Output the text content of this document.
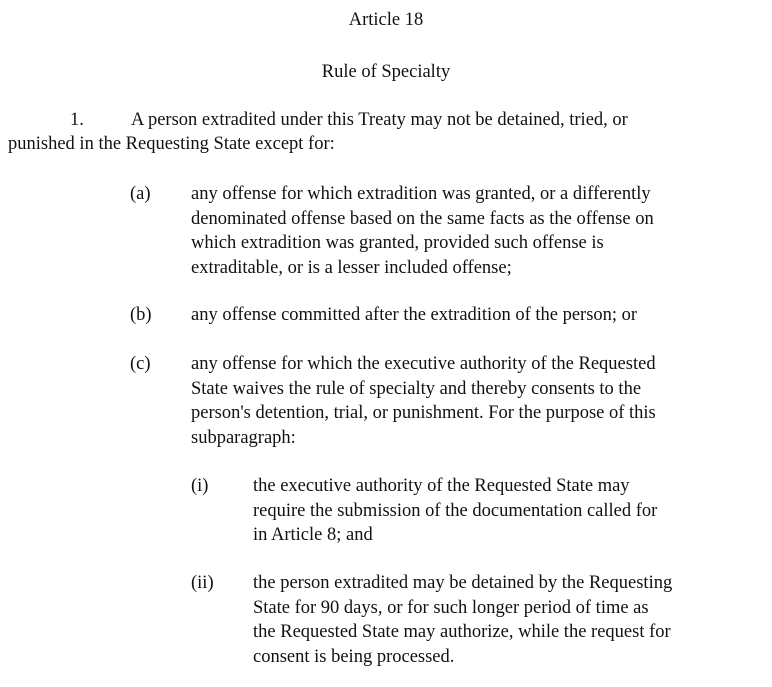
Article 18
Rule of Specialty
1.	A person extradited under this Treaty may not be detained, tried, or
punished in the Requesting State except for:
(a) any offense for which extradition was granted, or a differently
denominated offense based on the same facts as the offense on
which extradition was granted, provided such offense is
extraditable, or is a lesser included offense;
(b) any offense committed after the extradition of the person; or
(c) any offense for which the executive authority of the Requested
State waives the rule of specialty and thereby consents to the
person's detention, trial, or punishment. For the purpose of this
subparagraph:
(i) the executive authority of the Requested State may
require the submission of the documentation called for
in Article 8; and
(ii) the person extradited may be detained by the Requesting
State for 90 days, or for such longer period of time as
the Requested State may authorize, while the request for
consent is being processed.
